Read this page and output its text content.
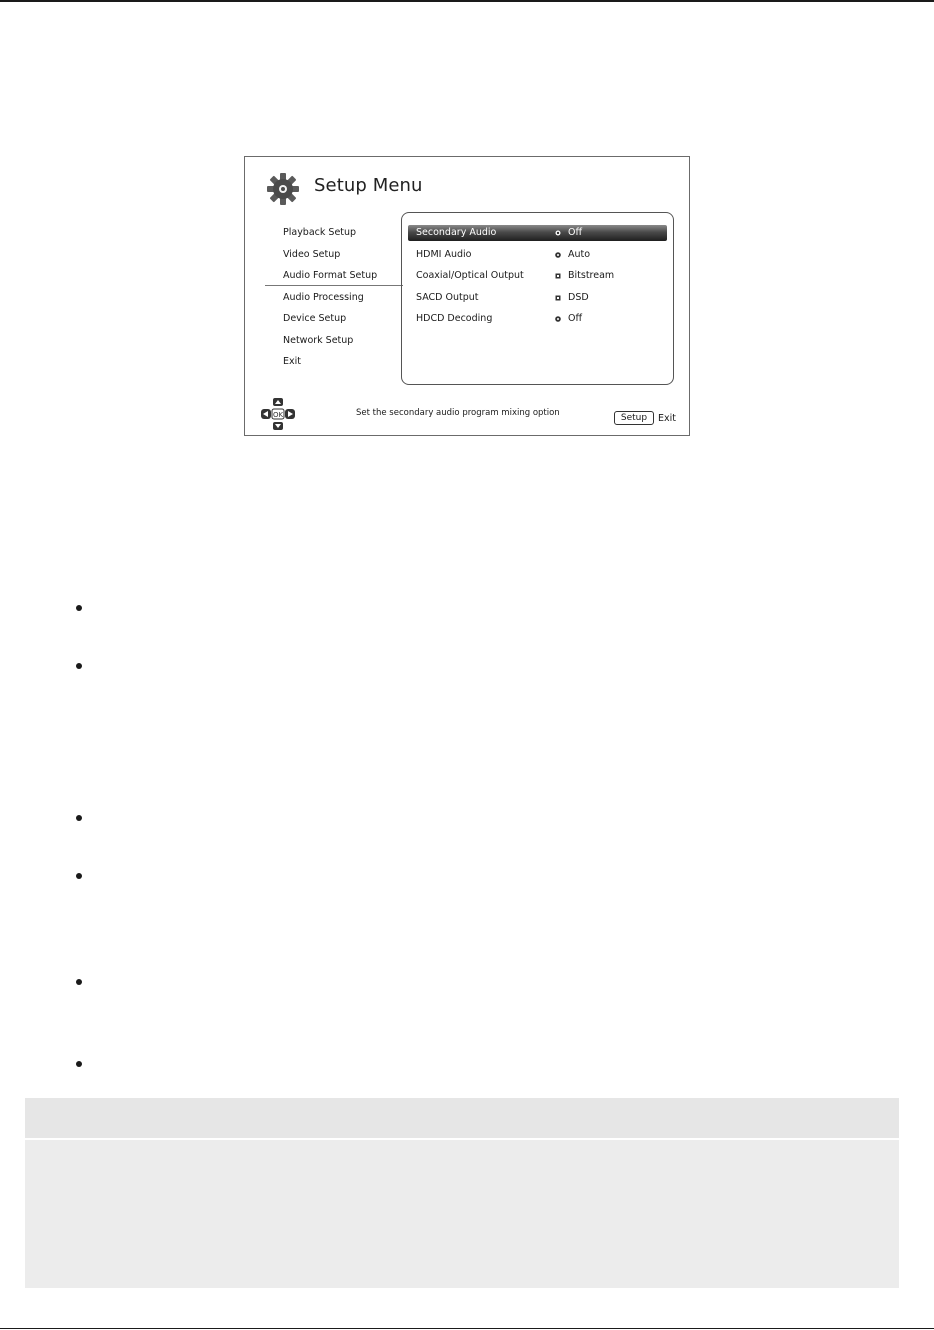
Setup Menu
Playback Setup
Video Setup
Audio Format Setup
Audio Processing
Device Setup
Network Setup
Exit
Secondary Audio	Off
HDMI Audio	Auto
Coaxial/Optical Output	Bitstream
SACD Output	DSD
HDCD Decoding	Off
OK	Set the secondary audio program mixing option	Setup	Exit
